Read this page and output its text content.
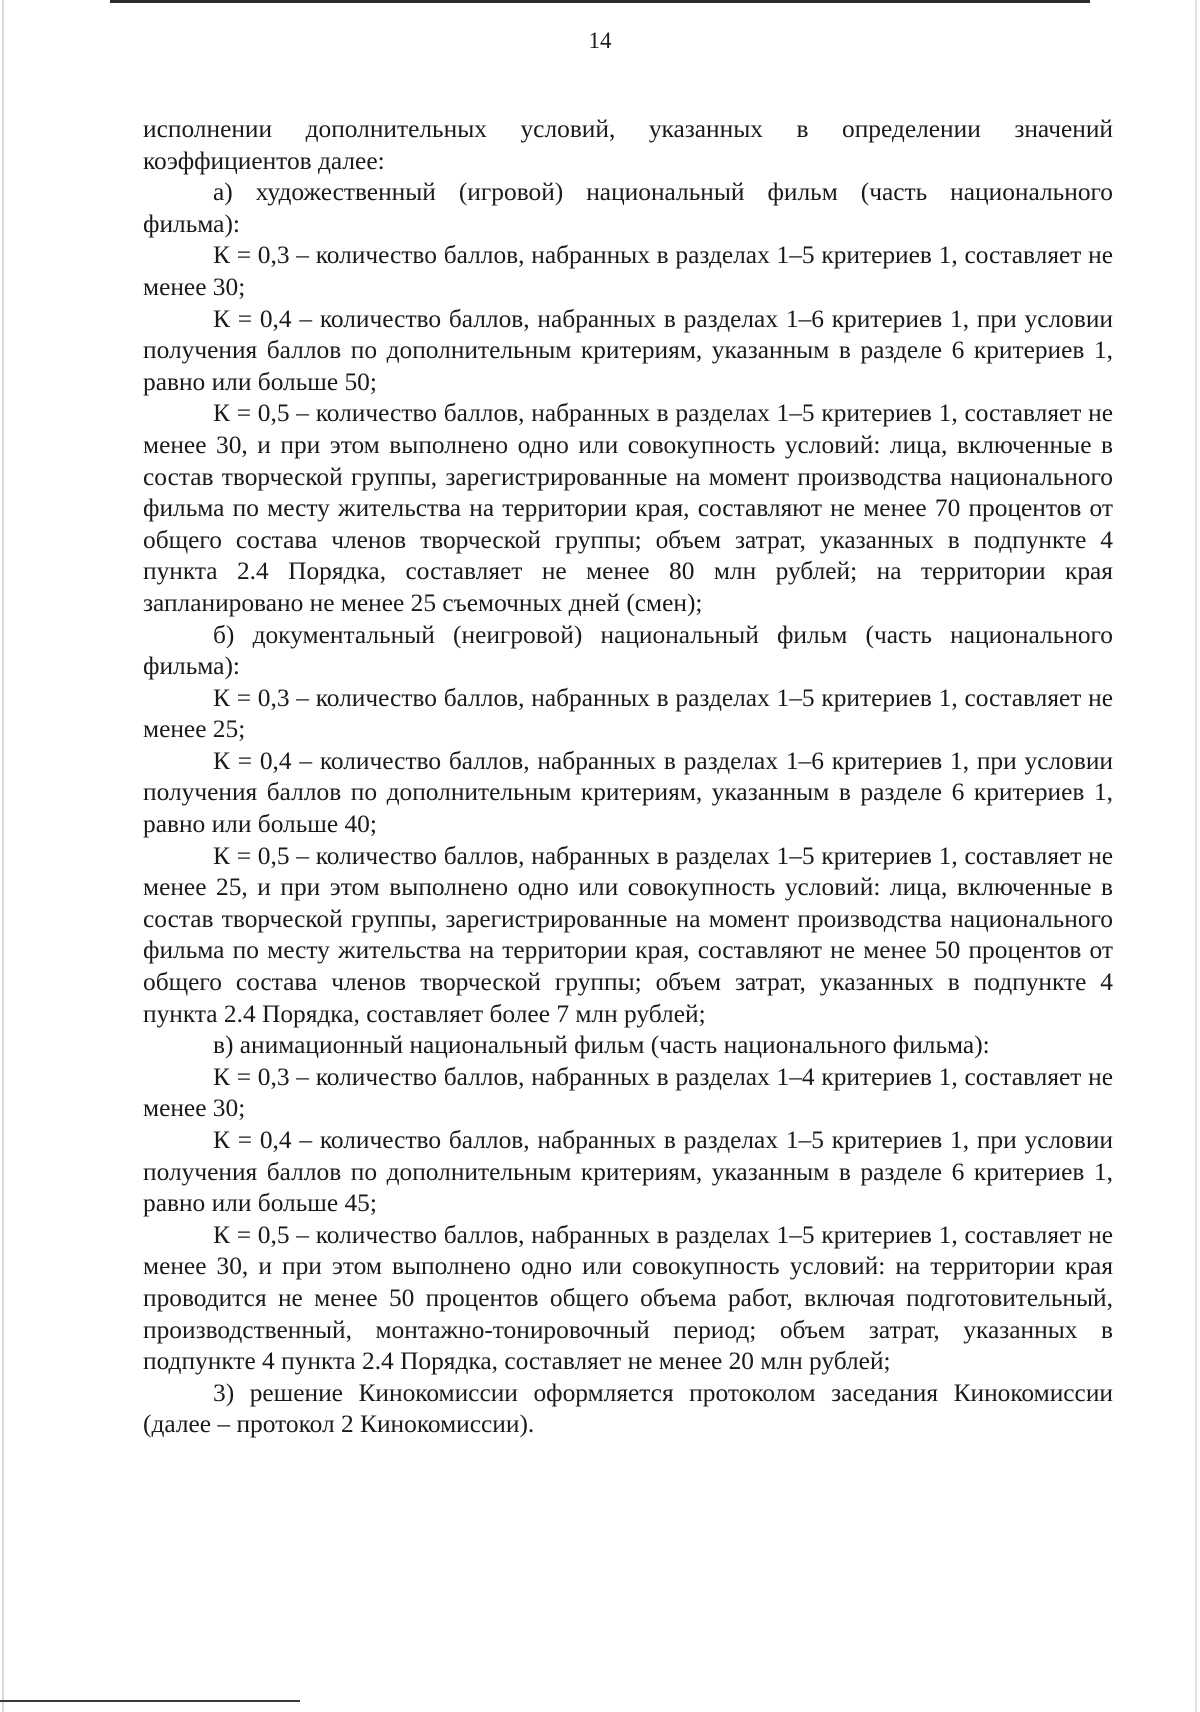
14

исполнении дополнительных условий, указанных в определении значений коэффициентов далее:

а) художественный (игровой) национальный фильм (часть национального фильма):

К = 0,3 – количество баллов, набранных в разделах 1–5 критериев 1, составляет не менее 30;

К = 0,4 – количество баллов, набранных в разделах 1–6 критериев 1, при условии получения баллов по дополнительным критериям, указанным в разделе 6 критериев 1, равно или больше 50;

К = 0,5 – количество баллов, набранных в разделах 1–5 критериев 1, составляет не менее 30, и при этом выполнено одно или совокупность условий: лица, включенные в состав творческой группы, зарегистрированные на момент производства национального фильма по месту жительства на территории края, составляют не менее 70 процентов от общего состава членов творческой группы; объем затрат, указанных в подпункте 4 пункта 2.4 Порядка, составляет не менее 80 млн рублей; на территории края запланировано не менее 25 съемочных дней (смен);

б) документальный (неигровой) национальный фильм (часть национального фильма):

К = 0,3 – количество баллов, набранных в разделах 1–5 критериев 1, составляет не менее 25;

К = 0,4 – количество баллов, набранных в разделах 1–6 критериев 1, при условии получения баллов по дополнительным критериям, указанным в разделе 6 критериев 1, равно или больше 40;

К = 0,5 – количество баллов, набранных в разделах 1–5 критериев 1, составляет не менее 25, и при этом выполнено одно или совокупность условий: лица, включенные в состав творческой группы, зарегистрированные на момент производства национального фильма по месту жительства на территории края, составляют не менее 50 процентов от общего состава членов творческой группы; объем затрат, указанных в подпункте 4 пункта 2.4 Порядка, составляет более 7 млн рублей;

в) анимационный национальный фильм (часть национального фильма):

К = 0,3 – количество баллов, набранных в разделах 1–4 критериев 1, составляет не менее 30;

К = 0,4 – количество баллов, набранных в разделах 1–5 критериев 1, при условии получения баллов по дополнительным критериям, указанным в разделе 6 критериев 1, равно или больше 45;

К = 0,5 – количество баллов, набранных в разделах 1–5 критериев 1, составляет не менее 30, и при этом выполнено одно или совокупность условий: на территории края проводится не менее 50 процентов общего объема работ, включая подготовительный, производственный, монтажно-тонировочный период; объем затрат, указанных в подпункте 4 пункта 2.4 Порядка, составляет не менее 20 млн рублей;

3) решение Кинокомиссии оформляется протоколом заседания Кинокомиссии (далее – протокол 2 Кинокомиссии).
